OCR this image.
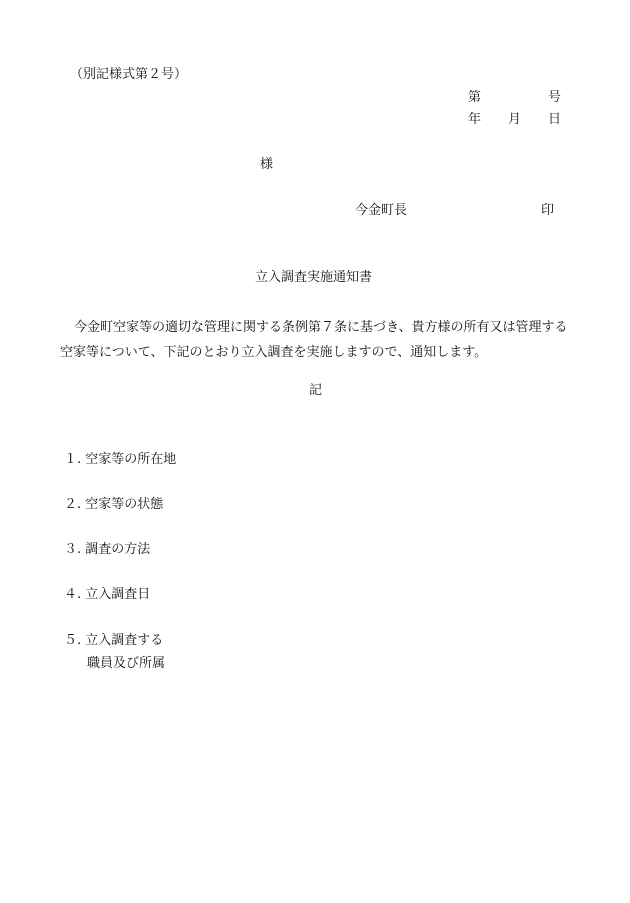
（別記様式第２号）
第	号
年 月 日
様
今金町長	印
立入調査実施通知書
今金町空家等の適切な管理に関する条例第７条に基づき、貴方様の所有又は管理する空家等について、下記のとおり立入調査を実施しますので、通知します。
記
１. 空家等の所在地
２. 空家等の状態
３. 調査の方法
４. 立入調査日
５. 立入調査する
職員及び所属
